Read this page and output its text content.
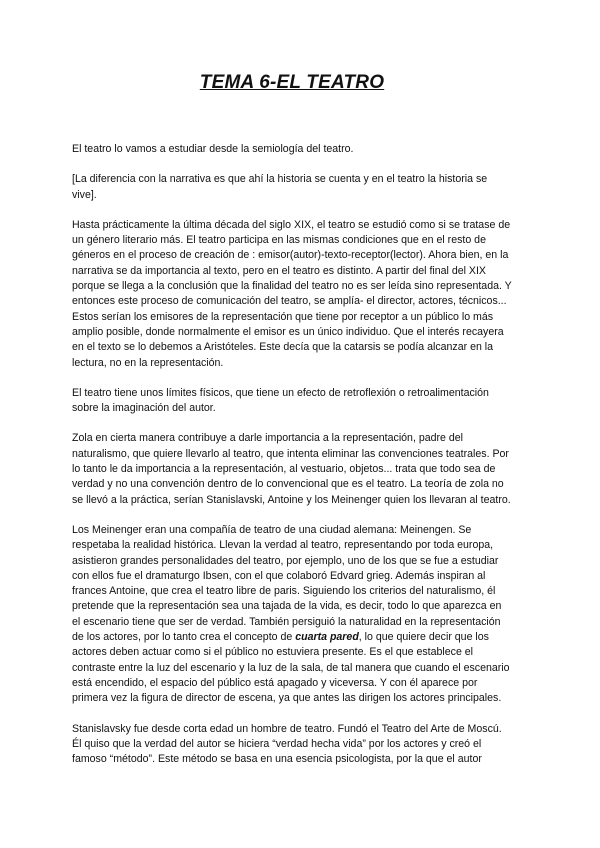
TEMA 6-EL TEATRO

El teatro lo vamos a estudiar desde la semiología del teatro.

[La diferencia con la narrativa es que ahí la historia se cuenta y en el teatro la historia se vive].

Hasta prácticamente la última década del siglo XIX, el teatro se estudió como si se tratase de un género literario más. El teatro participa en las mismas condiciones que en el resto de géneros en el proceso de creación de : emisor(autor)-texto-receptor(lector). Ahora bien, en la narrativa se da importancia al texto, pero en el teatro es distinto. A partir del final del XIX porque se llega a la conclusión que la finalidad del teatro no es ser leída sino representada. Y entonces este proceso de comunicación del teatro, se amplía- el director, actores, técnicos... Estos serían los emisores de la representación que tiene por receptor a un público lo más amplio posible, donde normalmente el emisor es un único individuo. Que el interés recayera en el texto se lo debemos a Aristóteles. Este decía que la catarsis se podía alcanzar en la lectura, no en la representación.

El teatro tiene unos límites físicos, que tiene un efecto de retroflexión o retroalimentación sobre la imaginación del autor.

Zola en cierta manera contribuye a darle importancia a la representación, padre del naturalismo, que quiere llevarlo al teatro, que intenta eliminar las convenciones teatrales. Por lo tanto le da importancia a la representación, al vestuario, objetos... trata que todo sea de verdad y no una convención dentro de lo convencional que es el teatro. La teoría de zola no se llevó a la práctica, serían Stanislavski, Antoine y los Meinenger quien los llevaran al teatro.

Los Meinenger eran una compañía de teatro de una ciudad alemana: Meinengen. Se respetaba la realidad histórica. Llevan la verdad al teatro, representando por toda europa, asistieron grandes personalidades del teatro, por ejemplo, uno de los que se fue a estudiar con ellos fue el dramaturgo Ibsen, con el que colaboró Edvard grieg. Además inspiran al frances Antoine, que crea el teatro libre de paris. Siguiendo los criterios del naturalismo, él pretende que la representación sea una tajada de la vida, es decir, todo lo que aparezca en el escenario tiene que ser de verdad. También persiguió la naturalidad en la representación de los actores, por lo tanto crea el concepto de cuarta pared, lo que quiere decir que los actores deben actuar como si el público no estuviera presente. Es el que establece el contraste entre la luz del escenario y la luz de la sala, de tal manera que cuando el escenario está encendido, el espacio del público está apagado y viceversa. Y con él aparece por primera vez la figura de director de escena, ya que antes las dirigen los actores principales.

Stanislavsky fue desde corta edad un hombre de teatro. Fundó el Teatro del Arte de Moscú. Él quiso que la verdad del autor se hiciera “verdad hecha vida” por los actores y creó el famoso “método”. Este método se basa en una esencia psicologista, por la que el autor
